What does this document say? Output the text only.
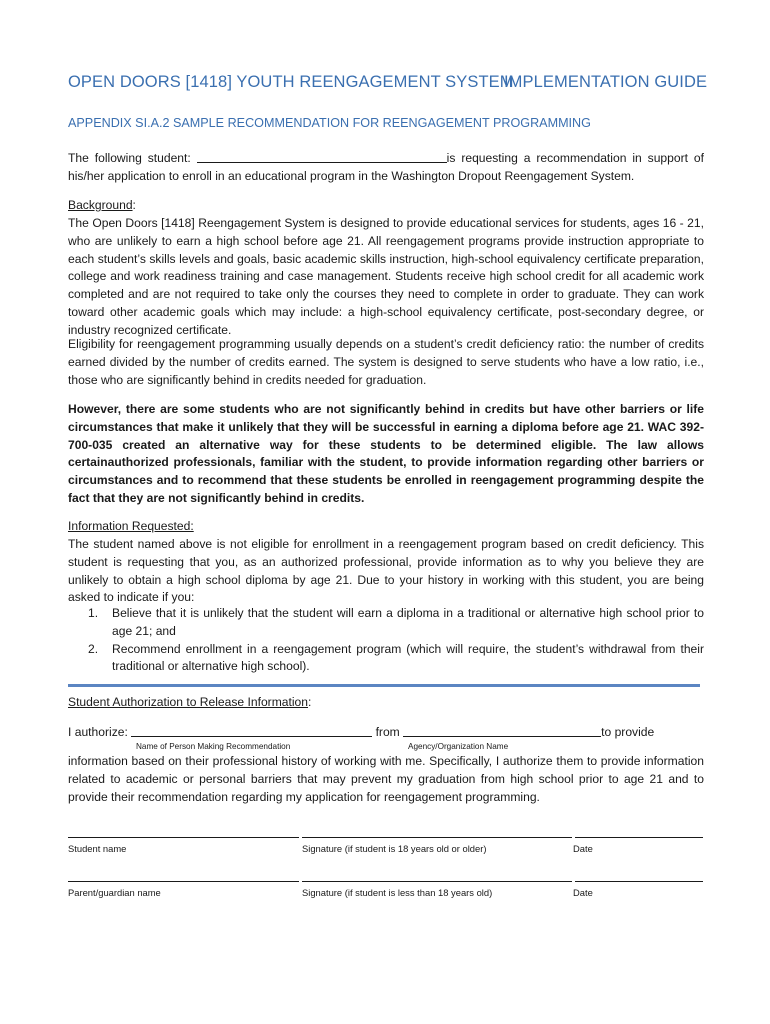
OPEN DOORS [1418] YOUTH REENGAGEMENT SYSTEM
IMPLEMENTATION GUIDE
APPENDIX SI.A.2 SAMPLE RECOMMENDATION FOR REENGAGEMENT PROGRAMMING

The following student:	is requesting a recommendation in support of his/her application to enroll in an educational program in the Washington Dropout Reengagement System.

Background:

The Open Doors [1418] Reengagement System is designed to provide educational services for students, ages 16 - 21, who are unlikely to earn a high school before age 21. All reengagement programs provide instruction appropriate to each student’s skills levels and goals, basic academic skills instruction, high-school equivalency certificate preparation, college and work readiness training and case management. Students receive high school credit for all academic work completed and are not required to take only the courses they need to complete in order to graduate. They can work toward other academic goals which may include: a high-school equivalency certificate, post-secondary degree, or industry recognized certificate.

Eligibility for reengagement programming usually depends on a student’s credit deficiency ratio: the number of credits earned divided by the number of credits earned. The system is designed to serve students who have a low ratio, i.e., those who are significantly behind in credits needed for graduation.

However, there are some students who are not significantly behind in credits but have other barriers or life circumstances that make it unlikely that they will be successful in earning a diploma before age 21. WAC 392-700-035 created an alternative way for these students to be determined eligible. The law allows certainauthorized professionals, familiar with the student, to provide information regarding other barriers or circumstances and to recommend that these students be enrolled in reengagement programming despite the fact that they are not significantly behind in credits.

Information Requested:

The student named above is not eligible for enrollment in a reengagement program based on credit deficiency. This student is requesting that you, as an authorized professional, provide information as to why you believe they are unlikely to obtain a high school diploma by age 21. Due to your history in working with this student, you are being asked to indicate if you:

1. Believe that it is unlikely that the student will earn a diploma in a traditional or alternative high school prior to age 21; and
2. Recommend enrollment in a reengagement program (which will require, the student’s withdrawal from their traditional or alternative high school).

Student Authorization to Release Information:

I authorize:	from	to provide

Name of Person Making Recommendation	Agency/Organization Name

information based on their professional history of working with me. Specifically, I authorize them to provide information related to academic or personal barriers that may prevent my graduation from high school prior to age 21 and to provide their recommendation regarding my application for reengagement programming.

Student name	Signature (if student is 18 years old or older)	Date
Parent/guardian name	Signature (if student is less than 18 years old)	Date
